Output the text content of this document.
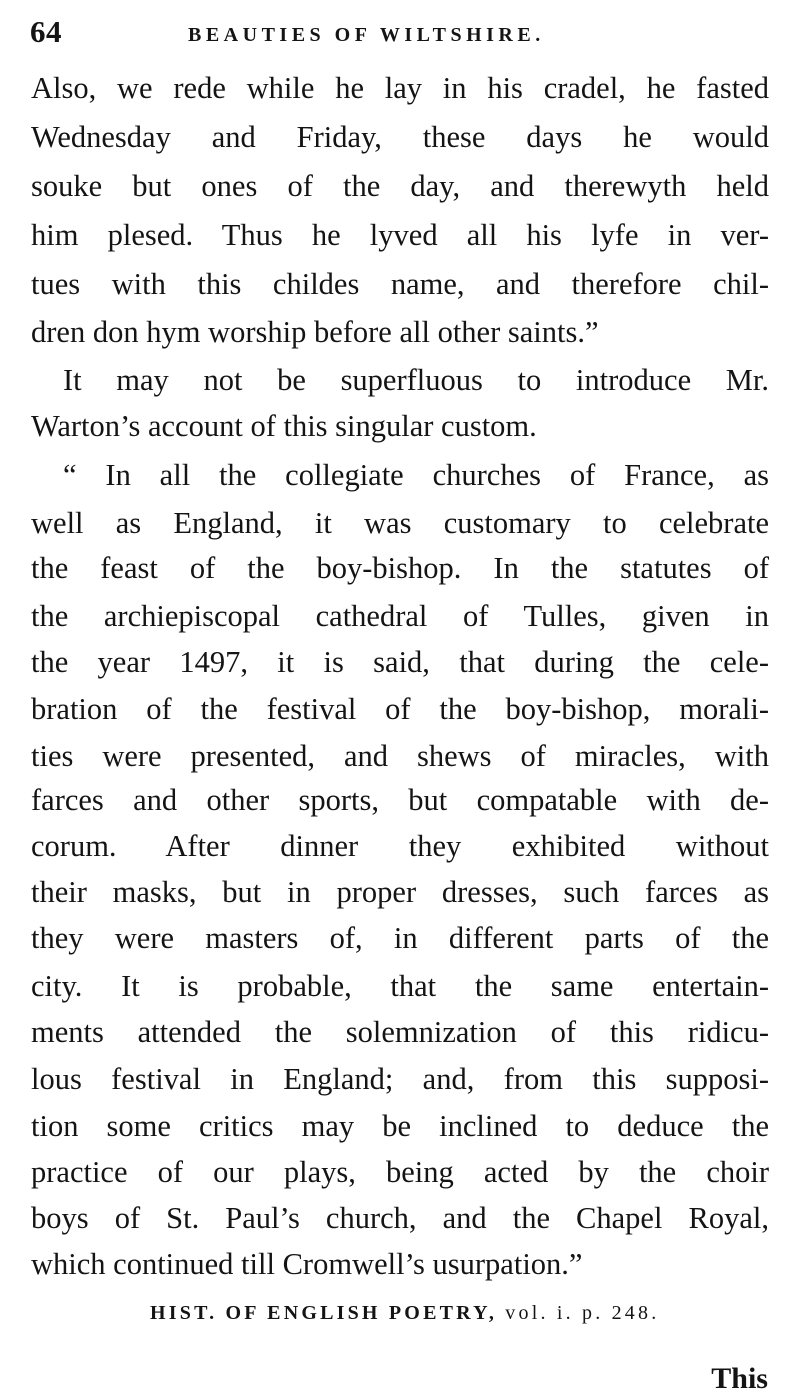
64	BEAUTIES OF WILTSHIRE.
Also, we rede while he lay in his cradel, he fasted
Wednesday and Friday, these days he would
souke but ones of the day, and therewyth held
him plesed. Thus he lyved all his lyfe in ver-
tues with this childes name, and therefore chil-
dren don hym worship before all other saints.”
It may not be superfluous to introduce Mr.
Warton’s account of this singular custom.
“ In all the collegiate churches of France, as
well as England, it was customary to celebrate
the feast of the boy-bishop. In the statutes of
the archiepiscopal cathedral of Tulles, given in
the year 1497, it is said, that during the cele-
bration of the festival of the boy-bishop, morali-
ties were presented, and shews of miracles, with
farces and other sports, but compatable with de-
corum. After dinner they exhibited without
their masks, but in proper dresses, such farces as
they were masters of, in different parts of the
city. It is probable, that the same entertain-
ments attended the solemnization of this ridicu-
lous festival in England; and, from this supposi-
tion some critics may be inclined to deduce the
practice of our plays, being acted by the choir
boys of St. Paul’s church, and the Chapel Royal,
which continued till Cromwell’s usurpation.”
HIST. OF ENGLISH POETRY, vol. i. p. 248.
This
